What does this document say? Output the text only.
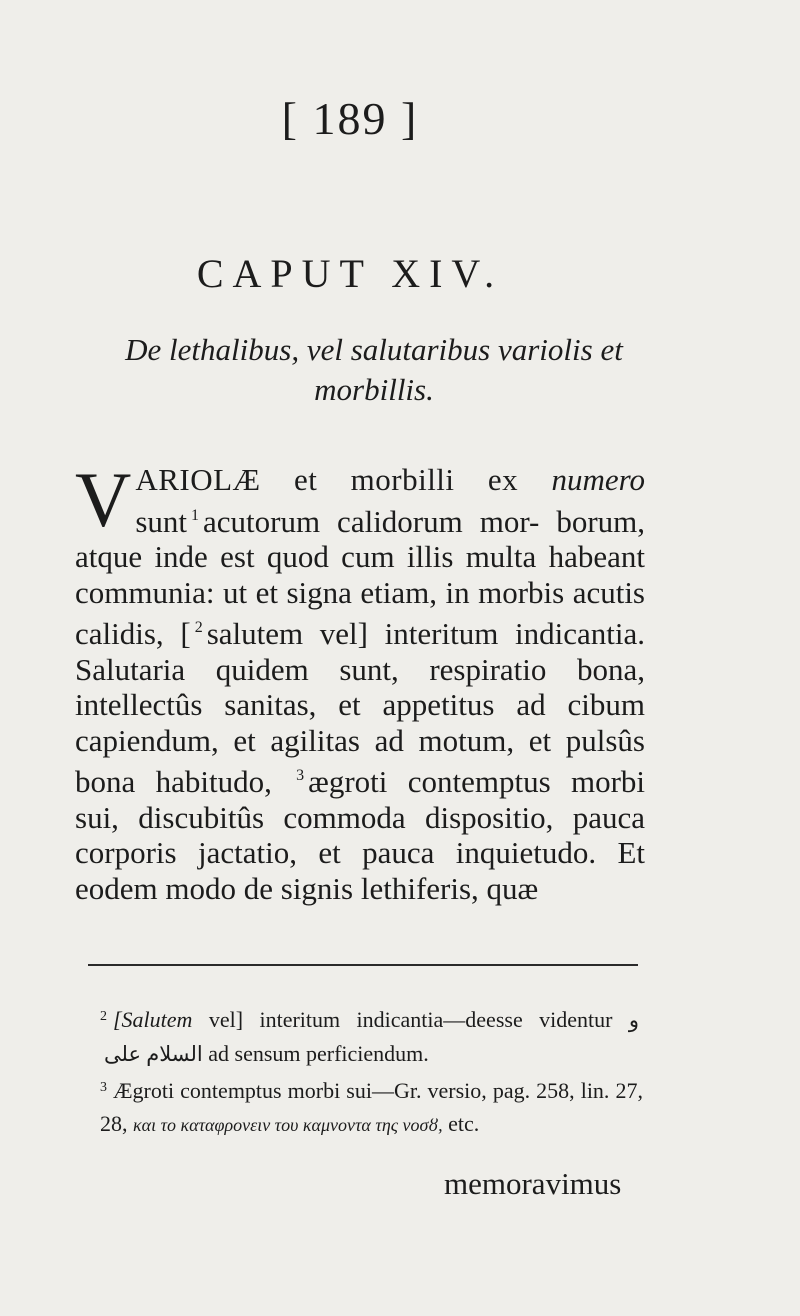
[ 189 ]
CAPUT XIV.
De lethalibus, vel salutaribus variolis et morbillis.
V ARIOLÆ et morbilli ex numero sunt $^1$ acutorum calidorum mor- borum, atque inde est quod cum illis multa habeant communia: ut et signa etiam, in morbis acutis calidis, [ $^2$ salutem vel] interitum indicantia. Salutaria quidem sunt, respiratio bona, intellectûs sanitas, et appetitus ad cibum capiendum, et agilitas ad motum, et pulsûs bona habitudo, $^3$ ægroti contemptus morbi sui, discubitûs commoda dispositio, pauca corporis jactatio, et pauca inquietudo. Et eodem modo de signis lethiferis, quæ

$^2$ [Salutem vel] interitum indicantia—deesse videntur و السلام على ad sensum perficiendum.

$^3$ Ægroti contemptus morbi sui—Gr. versio, pag. 258, lin. 27, 28, και το καταφρονειν του καμνοντα της νοσȣ, etc.

memoravimus
